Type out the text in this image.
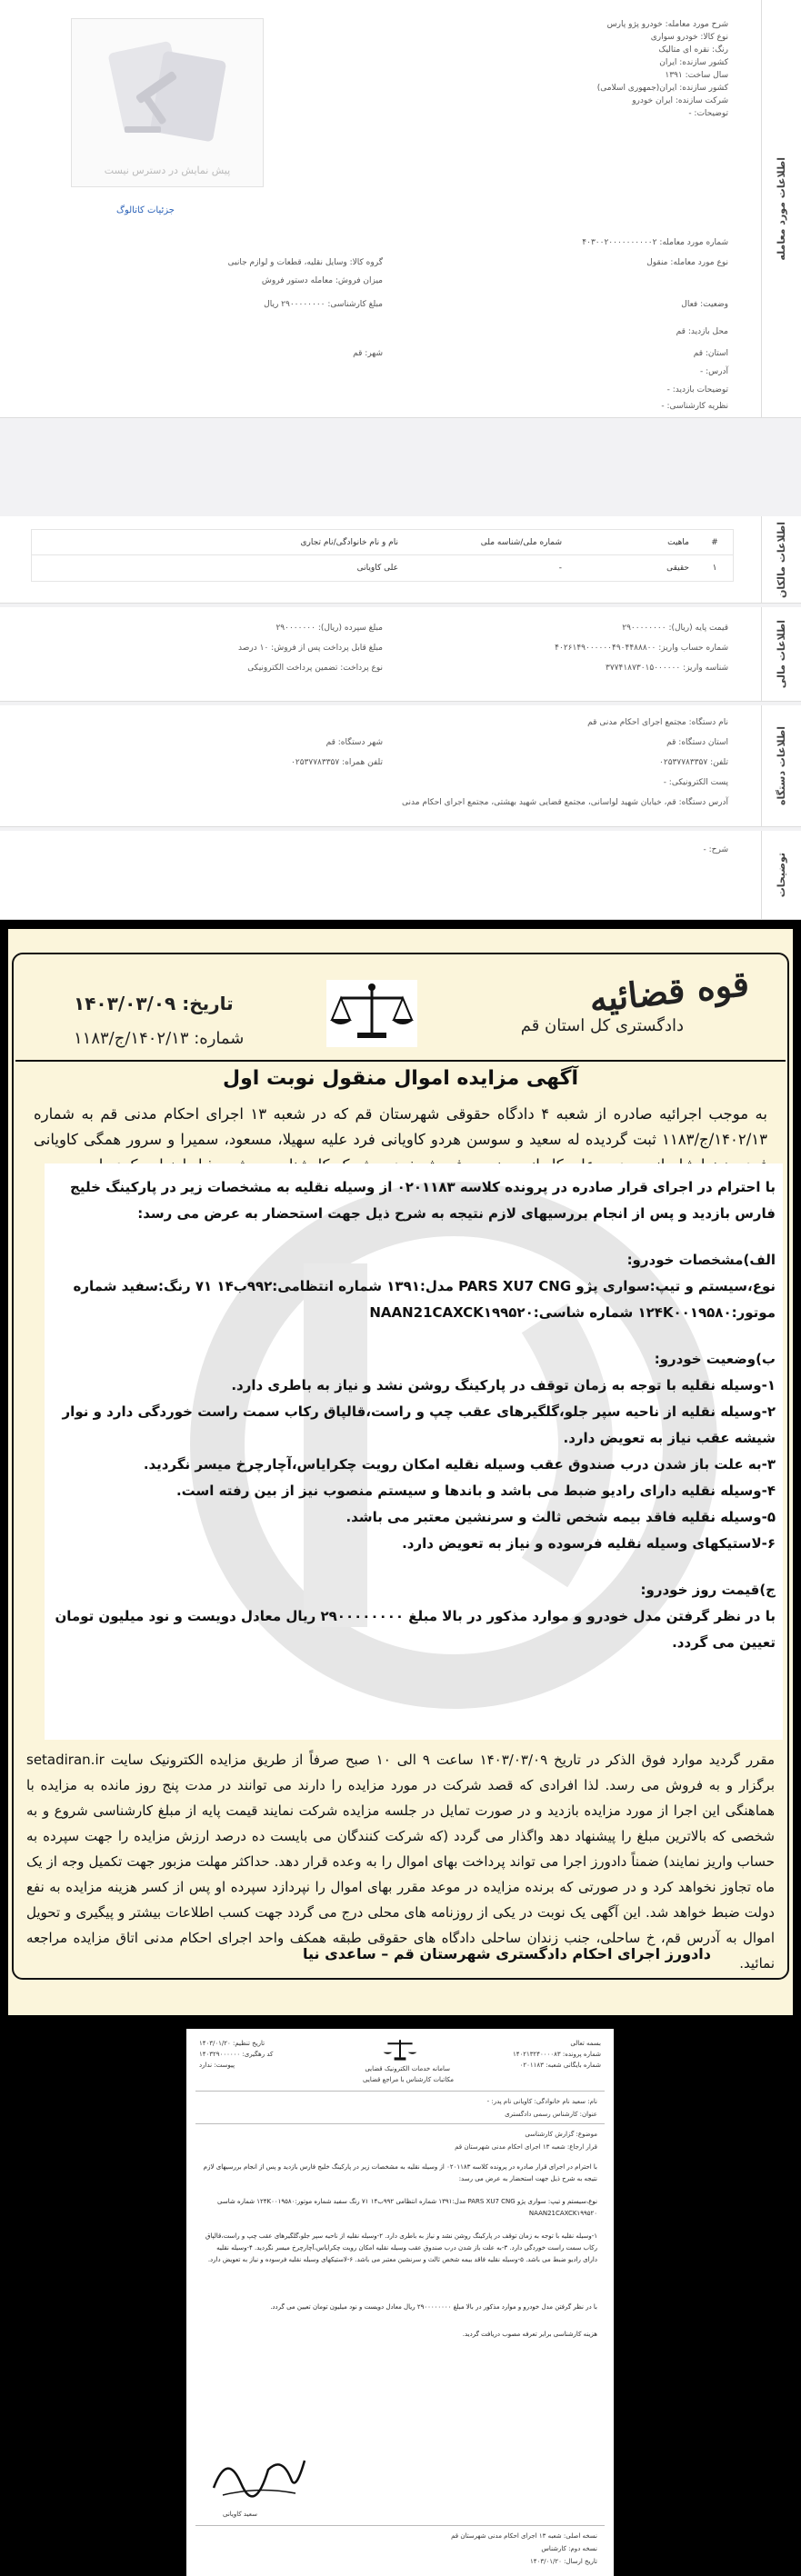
اطلاعات مورد معامله
شرح مورد معامله: خودرو پژو پارس
نوع کالا: خودرو سواری
رنگ: نقره ای متالیک
کشور سازنده: ایران
سال ساخت: ۱۳۹۱
کشور سازنده: ایران(جمهوری اسلامی)
شرکت سازنده: ایران خودرو
توضیحات: -
پیش نمایش در دسترس نیست
جزئیات کاتالوگ
شماره مورد معامله: ۴۰۳۰۰۲۰۰۰۰۰۰۰۰۰۰۲
نوع مورد معامله: منقول
گروه کالا: وسایل نقلیه، قطعات و لوازم جانبی
میزان فروش: معامله دستور فروش
وضعیت: فعال
مبلغ کارشناسی: ۲۹۰۰۰۰۰۰۰۰ ریال
محل بازدید: قم
استان: قم
شهر: قم
آدرس: -
توضیحات بازدید: -
نظریه کارشناسی: -
اطلاعات مالکان
#
ماهیت
شماره ملی/شناسه ملی
نام و نام خانوادگی/نام تجاری
۱
حقیقی
-
علی کاویانی
اطلاعات مالی
قیمت پایه (ریال): ۲۹۰۰۰۰۰۰۰۰
مبلغ سپرده (ریال): ۲۹۰۰۰۰۰۰۰
شماره حساب واریز: ۴۰۲۶۱۴۹۰۰۰۰۰۰۴۹۰۴۴۸۸۸۰۰
مبلغ قابل پرداخت پس از فروش: ۱۰ درصد
شناسه واریز: ۳۷۷۴۱۸۷۳۰۱۵۰۰۰۰۰۰
نوع پرداخت: تضمین پرداخت الکترونیکی
اطلاعات دستگاه
نام دستگاه: مجتمع اجرای احکام مدنی قم
استان دستگاه: قم
شهر دستگاه: قم
تلفن: ۰۲۵۳۷۷۸۳۳۵۷
تلفن همراه: ۰۲۵۳۷۷۸۳۳۵۷
پست الکترونیکی: -
آدرس دستگاه: قم، خیابان شهید لواسانی، مجتمع قضایی شهید بهشتی، مجتمع اجرای احکام مدنی
توضیحات
شرح: -
قوه قضائیه
دادگستری کل استان قم
تاریخ: ۱۴۰۳/۰۳/۰۹
شماره: ۱۴۰۲/۱۳/ج/۱۱۸۳
آگهی مزایده اموال منقول نوبت اول
به موجب اجرائیه صادره از شعبه ۴ دادگاه حقوقی شهرستان قم که در شعبه ۱۳ اجرای احکام مدنی قم به شماره ۱۴۰۲/۱۳/ج/۱۱۸۳ ثبت گردیده له سعید و سوسن هردو کاویانی فرد علیه سهیلا، مسعود، سمیرا و سرور همگی کاویانی

با احترام در اجرای قرار صادره در پرونده کلاسه ۰۲۰۱۱۸۳ از وسیله نقلیه به مشخصات زیر در پارکینگ خلیج فارس بازدید و پس از انجام بررسیهای لازم نتیجه به شرح ذیل جهت استحضار به عرض می رسد:

الف)مشخصات خودرو:

نوع،سیستم و تیپ:سواری پژو PARS XU7 CNG مدل:۱۳۹۱ شماره انتظامی:۹۹۲ب۱۴ ۷۱ رنگ:سفید شماره موتور:۱۲۴K۰۰۱۹۵۸۰ شماره شاسی:NAAN21CAXCK۱۹۹۵۲۰

ب)وضعیت خودرو:

۱-وسیله نقلیه با توجه به زمان توقف در پارکینگ روشن نشد و نیاز به باطری دارد.

۲-وسیله نقلیه از ناحیه سپر جلو،گلگیرهای عقب چپ و راست،قالپاق رکاب سمت راست خوردگی دارد و نوار شیشه عقب نیاز به تعویض دارد.

۳-به علت باز شدن درب صندوق عقب وسیله نقلیه امکان رویت چکرایاس،آچارچرخ میسر نگردید.

۴-وسیله نقلیه دارای رادیو ضبط می باشد و باندها و سیستم منصوب نیز از بین رفته است.

۵-وسیله نقلیه فاقد بیمه شخص ثالث و سرنشین معتبر می باشد.

۶-لاستیکهای وسیله نقلیه فرسوده و نیاز به تعویض دارد.

ج)قیمت روز خودرو:

با در نظر گرفتن مدل خودرو و موارد مذکور در بالا مبلغ ۲۹۰۰۰۰۰۰۰۰ ریال معادل دویست و نود میلیون تومان تعیین می گردد.

مقرر گردید موارد فوق الذکر در تاریخ ۱۴۰۳/۰۳/۰۹ ساعت ۹ الی ۱۰ صبح صرفاً از طریق مزایده الکترونیک سایت setadiran.ir برگزار و به فروش می رسد. لذا افرادی که قصد شرکت در مورد مزایده را دارند می توانند در مدت پنج روز مانده به مزایده با هماهنگی این اجرا از مورد مزایده بازدید و در صورت تمایل در جلسه مزایده شرکت نمایند قیمت پایه از مبلغ کارشناسی شروع و به شخصی که بالاترین مبلغ را پیشنهاد دهد واگذار می گردد (که شرکت کنندگان می بایست ده درصد ارزش مزایده را جهت سپرده به حساب واریز نمایند) ضمناً دادورز اجرا می تواند پرداخت بهای اموال را به وعده قرار دهد. حداکثر مهلت مزبور جهت تکمیل وجه از یک ماه تجاوز نخواهد کرد و در صورتی که برنده مزایده در موعد مقرر بهای اموال را نپردازد سپرده او پس از کسر هزینه مزایده به نفع دولت ضبط خواهد شد. این آگهی یک نوبت در یکی از روزنامه های محلی درج می گردد جهت کسب اطلاعات بیشتر و پیگیری و تحویل اموال به آدرس قم، خ ساحلی، جنب زندان ساحلی دادگاه های حقوقی طبقه همکف واحد اجرای احکام مدنی اتاق مزایده مراجعه نمائید.
دادورز اجرای احکام دادگستری شهرستان قم – ساعدی نیا
بسمه تعالی
شماره پرونده: ۱۴۰۲۱۳۲۴۰۰۰۰۸۳
شماره بایگانی شعبه: ۰۲۰۱۱۸۳
سامانه خدمات الکترونیک قضایی
مکاتبات کارشناس با مراجع قضایی
تاریخ تنظیم: ۱۴۰۳/۰۱/۲۰
کد رهگیری: ۱۴۰۳۲۹۰۰۰۰۰۰
پیوست: ندارد
نام: سعید نام خانوادگی: کاویانی نام پدر: -
عنوان: کارشناس رسمی دادگستری
موضوع: گزارش کارشناسی
قرار ارجاع: شعبه ۱۳ اجرای احکام مدنی شهرستان قم
با احترام در اجرای قرار صادره در پرونده کلاسه ۰۲۰۱۱۸۳ از وسیله نقلیه به مشخصات زیر در پارکینگ خلیج فارس بازدید و پس از انجام بررسیهای لازم نتیجه به شرح ذیل جهت استحضار به عرض می رسد:
نوع،سیستم و تیپ: سواری پژو PARS XU7 CNG مدل:۱۳۹۱ شماره انتظامی ۹۹۲ب۱۴ ۷۱ رنگ سفید شماره موتور:۱۲۴K۰۰۱۹۵۸۰ شماره شاسی NAAN21CAXCK۱۹۹۵۲۰
۱-وسیله نقلیه با توجه به زمان توقف در پارکینگ روشن نشد و نیاز به باطری دارد. ۲-وسیله نقلیه از ناحیه سپر جلو،گلگیرهای عقب چپ و راست،قالپاق رکاب سمت راست خوردگی دارد. ۳-به علت باز شدن درب صندوق عقب وسیله نقلیه امکان رویت چکرایاس،آچارچرخ میسر نگردید. ۴-وسیله نقلیه دارای رادیو ضبط می باشد. ۵-وسیله نقلیه فاقد بیمه شخص ثالث و سرنشین معتبر می باشد. ۶-لاستیکهای وسیله نقلیه فرسوده و نیاز به تعویض دارد.
با در نظر گرفتن مدل خودرو و موارد مذکور در بالا مبلغ ۲۹۰۰۰۰۰۰۰۰ ریال معادل دویست و نود میلیون تومان تعیین می گردد.
هزینه کارشناسی برابر تعرفه مصوب دریافت گردید.
سعید کاویانی
نسخه اصلی: شعبه ۱۳ اجرای احکام مدنی شهرستان قم
نسخه دوم: کارشناس
تاریخ ارسال: ۱۴۰۳/۰۱/۲۰
